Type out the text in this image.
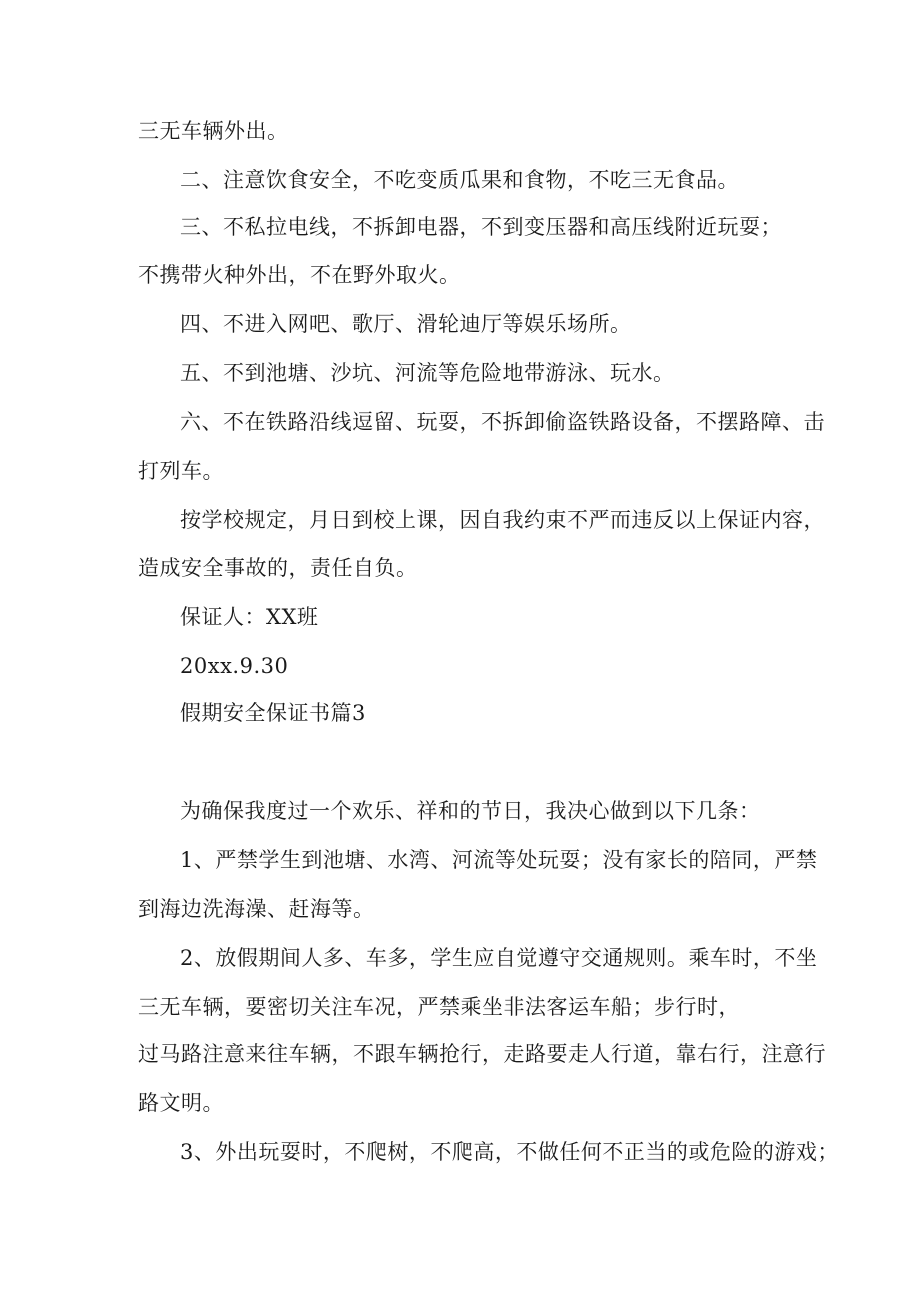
三无车辆外出。
二、注意饮食安全，不吃变质瓜果和食物，不吃三无食品。
三、不私拉电线，不拆卸电器，不到变压器和高压线附近玩耍；
不携带火种外出，不在野外取火。
四、不进入网吧、歌厅、滑轮迪厅等娱乐场所。
五、不到池塘、沙坑、河流等危险地带游泳、玩水。
六、不在铁路沿线逗留、玩耍，不拆卸偷盗铁路设备，不摆路障、击
打列车。
按学校规定，月日到校上课，因自我约束不严而违反以上保证内容，
造成安全事故的，责任自负。
保证人：XX班
20xx.9.30
假期安全保证书篇3
为确保我度过一个欢乐、祥和的节日，我决心做到以下几条：
1、严禁学生到池塘、水湾、河流等处玩耍；没有家长的陪同，严禁
到海边洗海澡、赶海等。
2、放假期间人多、车多，学生应自觉遵守交通规则。乘车时，不坐
三无车辆，要密切关注车况，严禁乘坐非法客运车船；步行时，
过马路注意来往车辆，不跟车辆抢行，走路要走人行道，靠右行，注意行
路文明。
3、外出玩耍时，不爬树，不爬高，不做任何不正当的或危险的游戏；
